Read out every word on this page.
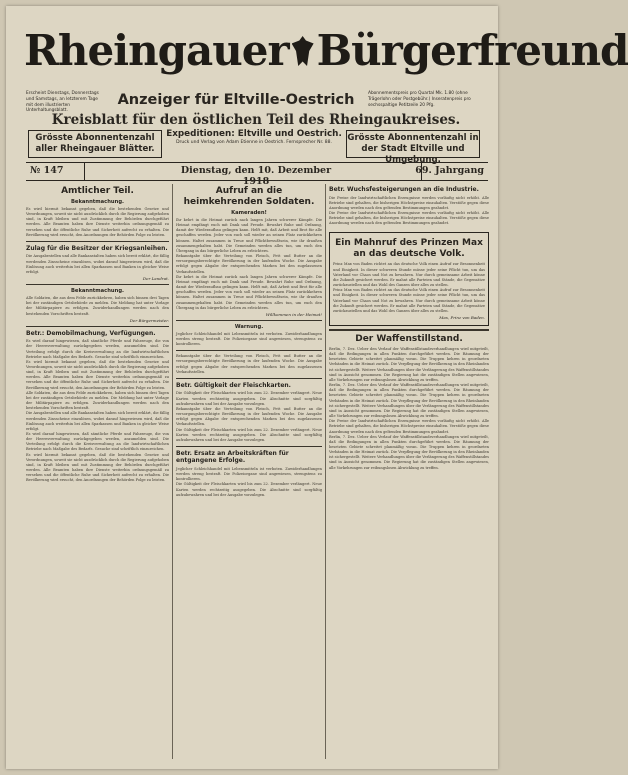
Rheingauer Bürgerfreund
Erscheint Dienstags, Donnerstags und Samstags, an letzterem Tage mit dem illustrierten Unterhaltungsblatt.
Anzeiger für Eltville-Oestrich	Abonnementspreis pro Quartal Mk. 1.80 (ohne Trägerlohn oder Postgebühr.) Inseratenpreis pro sechsspaltige Petitzeile 20 Pfg.
Kreisblatt für den östlichen Teil des Rheingaukreises.
Grösste Abonnentenzahl aller Rheingauer Blätter.
Expeditionen: Eltville und Oestrich.
Druck und Verlag von Adam Etienne in Oestrich. Fernsprecher Nr. 88.	Grösste Abonnentenzahl in der Stadt Eltville und Umgebung.
№ 147	Dienstag, den 10. Dezember 1918
69. Jahrgang
Amtlicher Teil.
Bekanntmachung.

Es wird hiermit bekannt gegeben, daß die bestehenden Gesetze und Verordnungen, soweit sie nicht ausdrücklich durch die Regierung aufgehoben sind, in Kraft bleiben und mit Zustimmung der Behörden durchgeführt werden. Alle Beamten haben ihre Dienste weiterhin ordnungsgemäß zu versehen und die öffentliche Ruhe und Sicherheit aufrecht zu erhalten. Die Bevölkerung wird ersucht, den Anordnungen der Behörden Folge zu leisten.

Zulag für die Besitzer der Kriegsanleihen.

Die Ausgabestellen und alle Bankanstalten haben sich bereit erklärt, die fällig werdenden Zinsscheine einzulösen, wobei darauf hingewiesen wird, daß die Einlösung auch weiterhin bei allen Sparkassen und Banken in gleicher Weise erfolgt.

Der Landrat.
Bekanntmachung.

Alle Soldaten, die aus dem Felde zurückkehren, haben sich binnen drei Tagen bei der zuständigen Ortsbehörde zu melden. Die Meldung hat unter Vorlage der Militärpapiere zu erfolgen. Zuwiderhandlungen werden nach den bestehenden Vorschriften bestraft.

Der Bürgermeister.
Betr.: Demobilmachung, Verfügungen.

Es wird darauf hingewiesen, daß sämtliche Pferde und Fahrzeuge, die von der Heeresverwaltung zurückgegeben werden, anzumelden sind. Die Verteilung erfolgt durch die Kreisverwaltung an die landwirtschaftlichen Betriebe nach Maßgabe des Bedarfs. Gesuche sind schriftlich einzureichen.

Es wird hiermit bekannt gegeben, daß die bestehenden Gesetze und Verordnungen, soweit sie nicht ausdrücklich durch die Regierung aufgehoben sind, in Kraft bleiben und mit Zustimmung der Behörden durchgeführt werden. Alle Beamten haben ihre Dienste weiterhin ordnungsgemäß zu versehen und die öffentliche Ruhe und Sicherheit aufrecht zu erhalten. Die Bevölkerung wird ersucht, den Anordnungen der Behörden Folge zu leisten.

Alle Soldaten, die aus dem Felde zurückkehren, haben sich binnen drei Tagen bei der zuständigen Ortsbehörde zu melden. Die Meldung hat unter Vorlage der Militärpapiere zu erfolgen. Zuwiderhandlungen werden nach den bestehenden Vorschriften bestraft.

Die Ausgabestellen und alle Bankanstalten haben sich bereit erklärt, die fällig werdenden Zinsscheine einzulösen, wobei darauf hingewiesen wird, daß die Einlösung auch weiterhin bei allen Sparkassen und Banken in gleicher Weise erfolgt.

Es wird darauf hingewiesen, daß sämtliche Pferde und Fahrzeuge, die von der Heeresverwaltung zurückgegeben werden, anzumelden sind. Die Verteilung erfolgt durch die Kreisverwaltung an die landwirtschaftlichen Betriebe nach Maßgabe des Bedarfs. Gesuche sind schriftlich einzureichen.

Es wird hiermit bekannt gegeben, daß die bestehenden Gesetze und Verordnungen, soweit sie nicht ausdrücklich durch die Regierung aufgehoben sind, in Kraft bleiben und mit Zustimmung der Behörden durchgeführt werden. Alle Beamten haben ihre Dienste weiterhin ordnungsgemäß zu versehen und die öffentliche Ruhe und Sicherheit aufrecht zu erhalten. Die Bevölkerung wird ersucht, den Anordnungen der Behörden Folge zu leisten.

Aufruf an die heimkehrenden Soldaten.
Kameraden!

Ihr kehrt in die Heimat zurück nach langen Jahren schwerer Kämpfe. Die Heimat empfängt euch mit Dank und Freude. Bewahrt Ruhe und Ordnung, damit der Wiederaufbau gelingen kann. Helft mit, daß Arbeit und Brot für alle geschaffen werden. Jeder von euch soll wieder an seinen Platz zurückkehren können. Haltet zusammen in Treue und Pflichtbewußtsein, wie ihr draußen zusammengehalten habt. Die Gemeinden werden alles tun, um euch den Übergang in das bürgerliche Leben zu erleichtern.

Bekanntgabe über die Verteilung von Fleisch, Fett und Butter an die versorgungsberechtigte Bevölkerung in der laufenden Woche. Die Ausgabe erfolgt gegen Abgabe der entsprechenden Marken bei den zugelassenen Verkaufsstellen.

Ihr kehrt in die Heimat zurück nach langen Jahren schwerer Kämpfe. Die Heimat empfängt euch mit Dank und Freude. Bewahrt Ruhe und Ordnung, damit der Wiederaufbau gelingen kann. Helft mit, daß Arbeit und Brot für alle geschaffen werden. Jeder von euch soll wieder an seinen Platz zurückkehren können. Haltet zusammen in Treue und Pflichtbewußtsein, wie ihr draußen zusammengehalten habt. Die Gemeinden werden alles tun, um euch den Übergang in das bürgerliche Leben zu erleichtern.

Willkommen in der Heimat!
Warnung.

Jeglicher Schleichhandel mit Lebensmitteln ist verboten. Zuwiderhandlungen werden streng bestraft. Die Polizeiorgane sind angewiesen, strengstens zu kontrollieren.

Bekanntgabe über die Verteilung von Fleisch, Fett und Butter an die versorgungsberechtigte Bevölkerung in der laufenden Woche. Die Ausgabe erfolgt gegen Abgabe der entsprechenden Marken bei den zugelassenen Verkaufsstellen.

Betr. Gültigkeit der Fleischkarten.

Die Gültigkeit der Fleischkarten wird bis zum 22. Dezember verlängert. Neue Karten werden rechtzeitig ausgegeben. Die Abschnitte sind sorgfältig aufzubewahren und bei der Ausgabe vorzulegen.

Bekanntgabe über die Verteilung von Fleisch, Fett und Butter an die versorgungsberechtigte Bevölkerung in der laufenden Woche. Die Ausgabe erfolgt gegen Abgabe der entsprechenden Marken bei den zugelassenen Verkaufsstellen.

Die Gültigkeit der Fleischkarten wird bis zum 22. Dezember verlängert. Neue Karten werden rechtzeitig ausgegeben. Die Abschnitte sind sorgfältig aufzubewahren und bei der Ausgabe vorzulegen.

Betr. Ersatz an Arbeitskräften für entgangene Erfolge.

Jeglicher Schleichhandel mit Lebensmitteln ist verboten. Zuwiderhandlungen werden streng bestraft. Die Polizeiorgane sind angewiesen, strengstens zu kontrollieren.

Die Gültigkeit der Fleischkarten wird bis zum 22. Dezember verlängert. Neue Karten werden rechtzeitig ausgegeben. Die Abschnitte sind sorgfältig aufzubewahren und bei der Ausgabe vorzulegen.

Betr. Wuchsfesteigerungen an die Industrie.

Die Preise der landwirtschaftlichen Erzeugnisse werden vorläufig nicht erhöht. Alle Betriebe sind gehalten, die bisherigen Höchstpreise einzuhalten. Verstöße gegen diese Anordnung werden nach den geltenden Bestimmungen geahndet.

Die Preise der landwirtschaftlichen Erzeugnisse werden vorläufig nicht erhöht. Alle Betriebe sind gehalten, die bisherigen Höchstpreise einzuhalten. Verstöße gegen diese Anordnung werden nach den geltenden Bestimmungen geahndet.

Ein Mahnruf des Prinzen Max an das deutsche Volk.

Prinz Max von Baden richtet an das deutsche Volk einen Aufruf zur Besonnenheit und Einigkeit. In dieser schweren Stunde müsse jeder seine Pflicht tun, um das Vaterland vor Chaos und Not zu bewahren. Nur durch gemeinsame Arbeit könne die Zukunft gesichert werden. Er mahnt alle Parteien und Stände, die Gegensätze zurückzustellen und das Wohl des Ganzen über alles zu stellen.

Prinz Max von Baden richtet an das deutsche Volk einen Aufruf zur Besonnenheit und Einigkeit. In dieser schweren Stunde müsse jeder seine Pflicht tun, um das Vaterland vor Chaos und Not zu bewahren. Nur durch gemeinsame Arbeit könne die Zukunft gesichert werden. Er mahnt alle Parteien und Stände, die Gegensätze zurückzustellen und das Wohl des Ganzen über alles zu stellen.

Max, Prinz von Baden.
Der Waffenstillstand.

Berlin, 7. Dez. Ueber den Verlauf der Waffenstillstandsverhandlungen wird mitgeteilt, daß die Bedingungen in allen Punkten durchgeführt werden. Die Räumung der besetzten Gebiete schreitet planmäßig voran. Die Truppen kehren in geordneten Verbänden in die Heimat zurück. Die Verpflegung der Bevölkerung in den Rheinlanden ist sichergestellt. Weitere Verhandlungen über die Verlängerung des Waffenstillstandes sind in Aussicht genommen. Die Regierung hat die zuständigen Stellen angewiesen, alle Vorkehrungen zur reibungslosen Abwicklung zu treffen.

Berlin, 7. Dez. Ueber den Verlauf der Waffenstillstandsverhandlungen wird mitgeteilt, daß die Bedingungen in allen Punkten durchgeführt werden. Die Räumung der besetzten Gebiete schreitet planmäßig voran. Die Truppen kehren in geordneten Verbänden in die Heimat zurück. Die Verpflegung der Bevölkerung in den Rheinlanden ist sichergestellt. Weitere Verhandlungen über die Verlängerung des Waffenstillstandes sind in Aussicht genommen. Die Regierung hat die zuständigen Stellen angewiesen, alle Vorkehrungen zur reibungslosen Abwicklung zu treffen.

Die Preise der landwirtschaftlichen Erzeugnisse werden vorläufig nicht erhöht. Alle Betriebe sind gehalten, die bisherigen Höchstpreise einzuhalten. Verstöße gegen diese Anordnung werden nach den geltenden Bestimmungen geahndet.

Berlin, 7. Dez. Ueber den Verlauf der Waffenstillstandsverhandlungen wird mitgeteilt, daß die Bedingungen in allen Punkten durchgeführt werden. Die Räumung der besetzten Gebiete schreitet planmäßig voran. Die Truppen kehren in geordneten Verbänden in die Heimat zurück. Die Verpflegung der Bevölkerung in den Rheinlanden ist sichergestellt. Weitere Verhandlungen über die Verlängerung des Waffenstillstandes sind in Aussicht genommen. Die Regierung hat die zuständigen Stellen angewiesen, alle Vorkehrungen zur reibungslosen Abwicklung zu treffen.
